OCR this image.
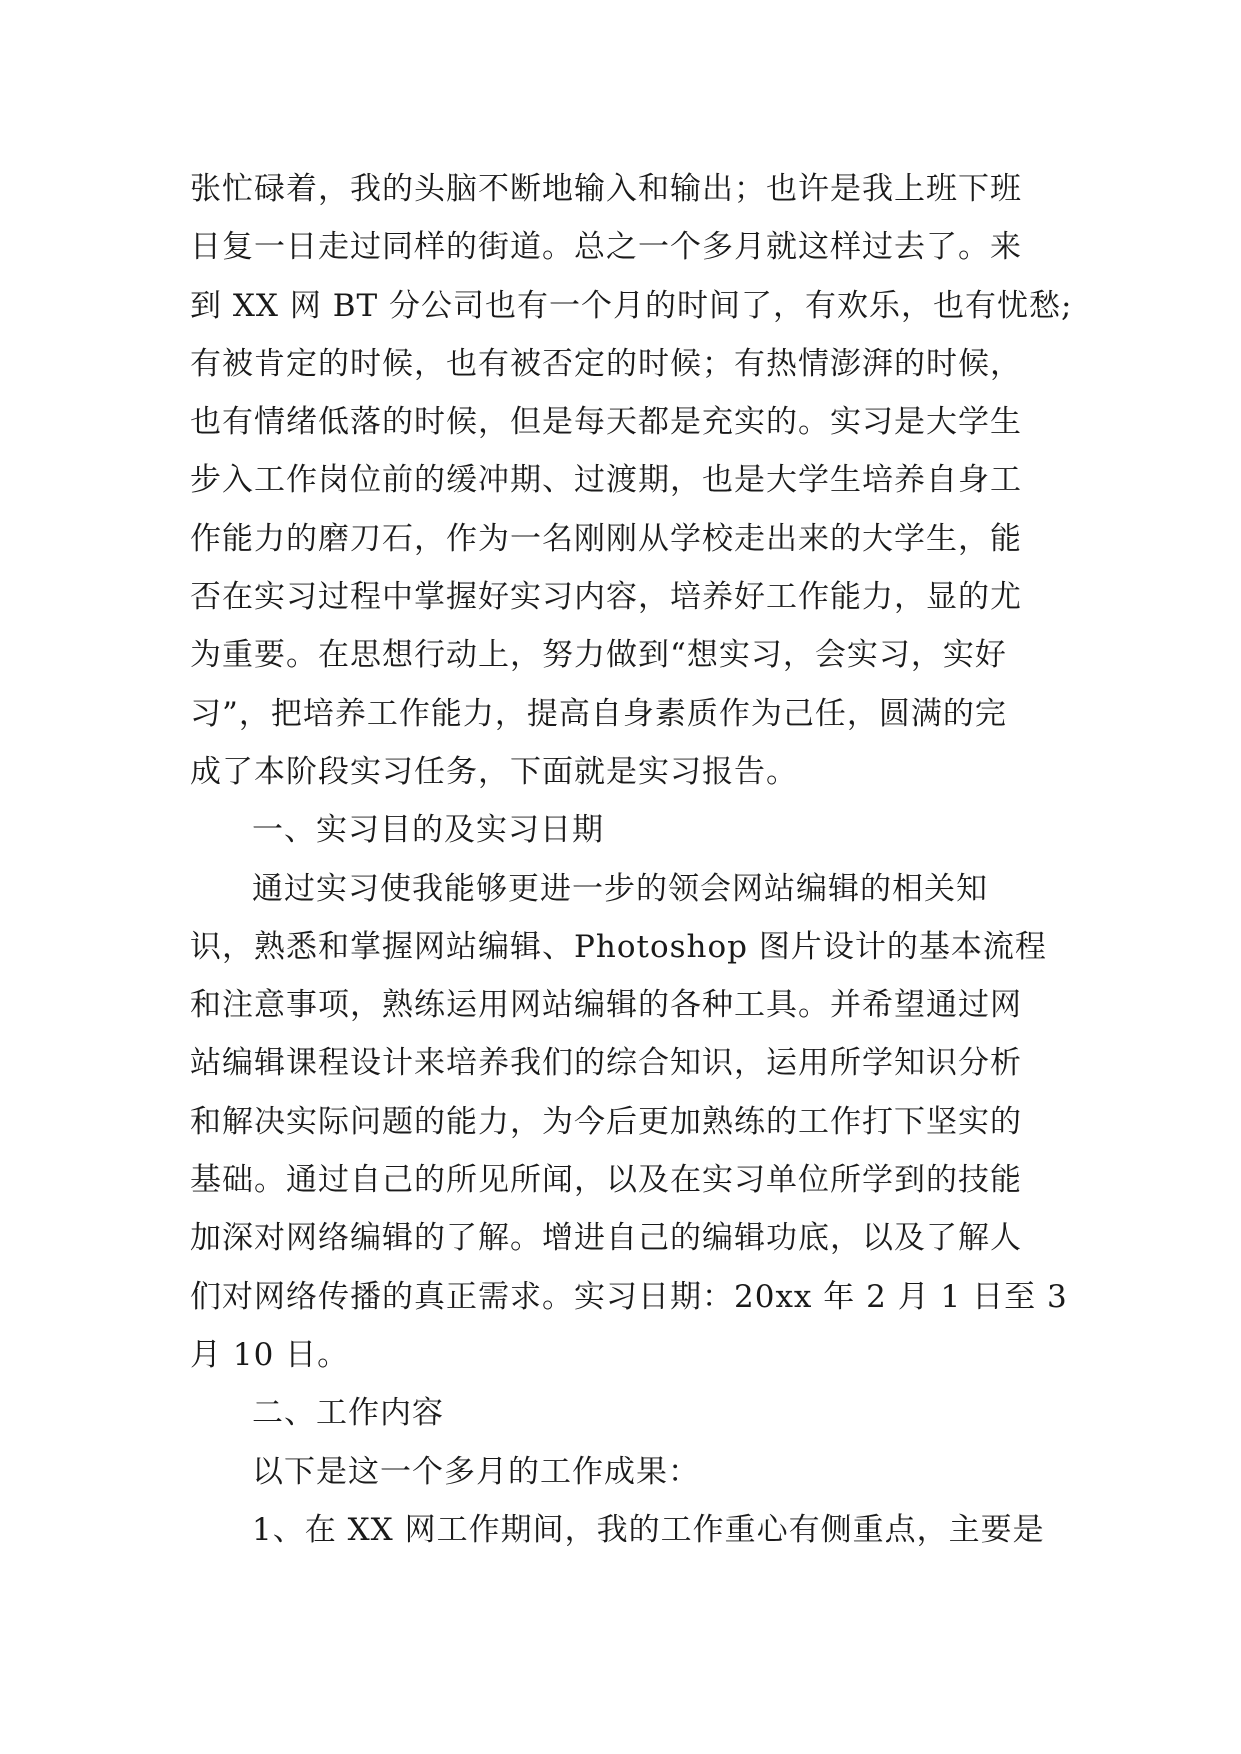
张忙碌着，我的头脑不断地输入和输出；也许是我上班下班
日复一日走过同样的街道。总之一个多月就这样过去了。来
到 XX 网 BT 分公司也有一个月的时间了，有欢乐，也有忧愁;
有被肯定的时候，也有被否定的时候；有热情澎湃的时候，
也有情绪低落的时候，但是每天都是充实的。实习是大学生
步入工作岗位前的缓冲期、过渡期，也是大学生培养自身工
作能力的磨刀石，作为一名刚刚从学校走出来的大学生，能
否在实习过程中掌握好实习内容，培养好工作能力，显的尤
为重要。在思想行动上，努力做到“想实习，会实习，实好
习”，把培养工作能力，提高自身素质作为己任，圆满的完
成了本阶段实习任务，下面就是实习报告。
一、实习目的及实习日期
通过实习使我能够更进一步的领会网站编辑的相关知
识，熟悉和掌握网站编辑、Photoshop 图片设计的基本流程
和注意事项，熟练运用网站编辑的各种工具。并希望通过网
站编辑课程设计来培养我们的综合知识，运用所学知识分析
和解决实际问题的能力，为今后更加熟练的工作打下坚实的
基础。通过自己的所见所闻，以及在实习单位所学到的技能
加深对网络编辑的了解。增进自己的编辑功底，以及了解人
们对网络传播的真正需求。实习日期：20xx 年 2 月 1 日至 3
月 10 日。
二、工作内容
以下是这一个多月的工作成果：
1、在 XX 网工作期间，我的工作重心有侧重点，主要是
